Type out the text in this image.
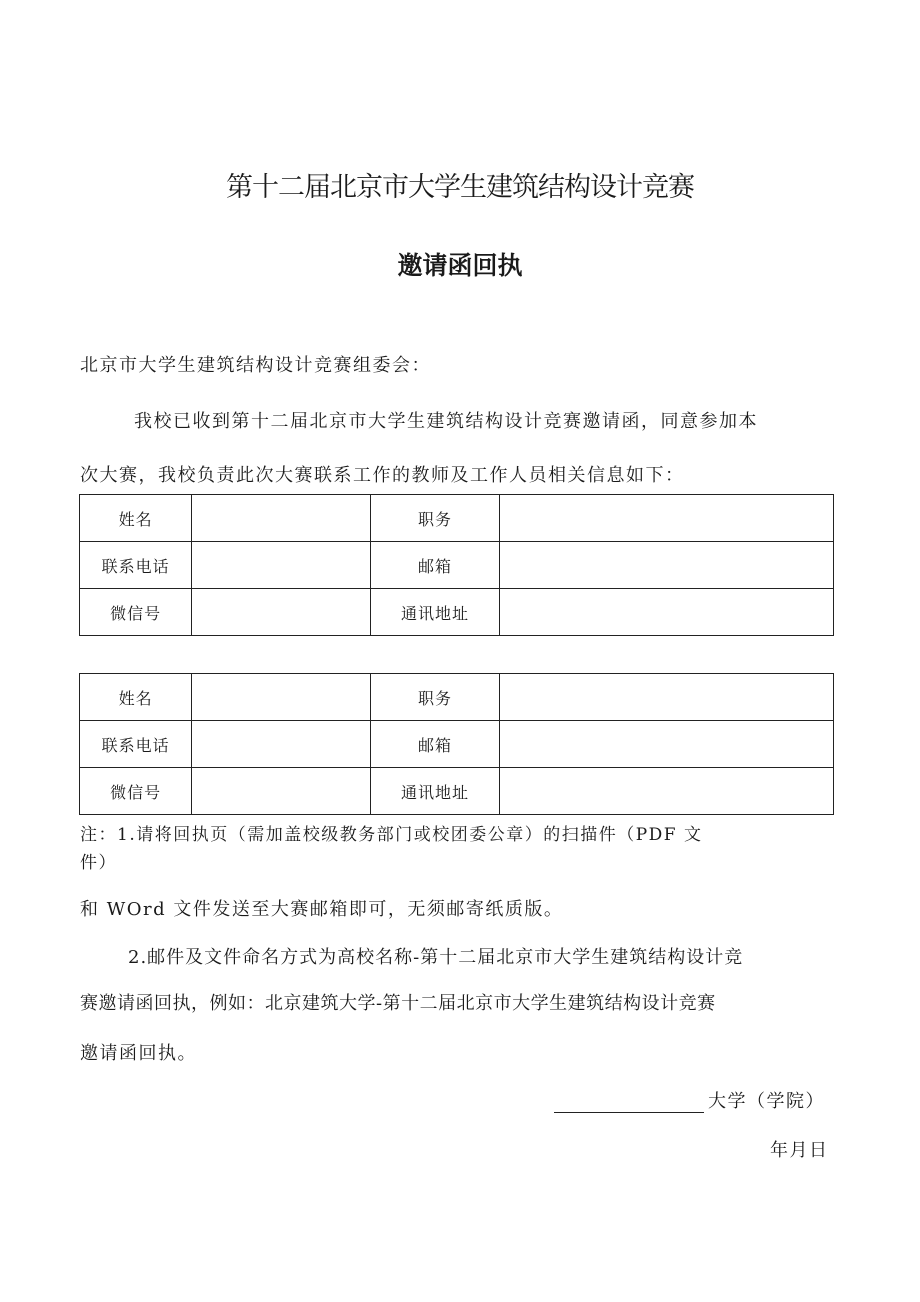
第十二届北京市大学生建筑结构设计竞赛
邀请函回执
北京市大学生建筑结构设计竞赛组委会：
我校已收到第十二届北京市大学生建筑结构设计竞赛邀请函，同意参加本
次大赛，我校负责此次大赛联系工作的教师及工作人员相关信息如下：
姓名		职务	
联系电话		邮箱	
微信号		通讯地址	
姓名		职务	
联系电话		邮箱	
微信号		通讯地址	
注：1.请将回执页（需加盖校级教务部门或校团委公章）的扫描件（PDF 文
件）
和 WOrd 文件发送至大赛邮箱即可，无须邮寄纸质版。
2.邮件及文件命名方式为高校名称-第十二届北京市大学生建筑结构设计竞
赛邀请函回执，例如：北京建筑大学-第十二届北京市大学生建筑结构设计竞赛
邀请函回执。
大学（学院）
年月日
